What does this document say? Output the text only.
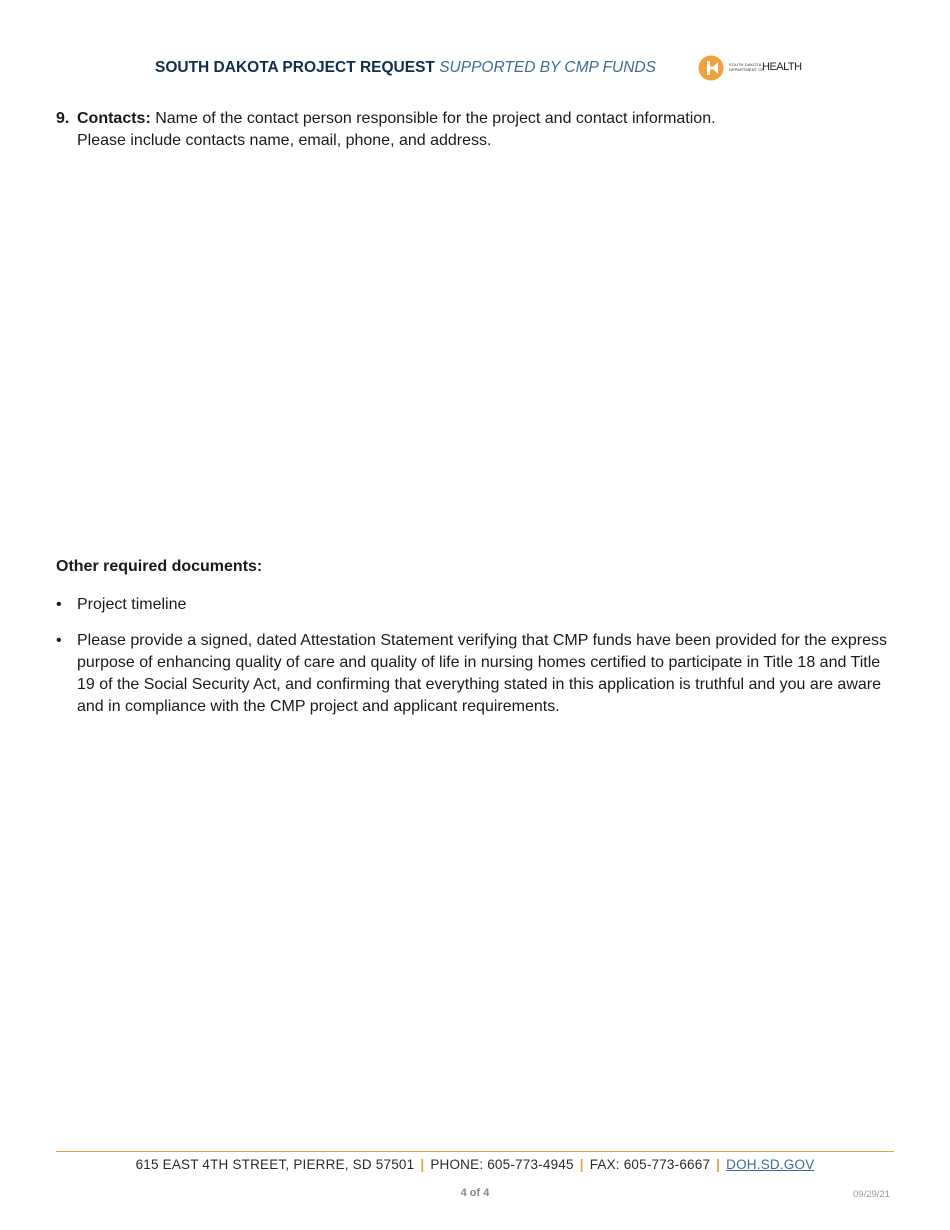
SOUTH DAKOTA PROJECT REQUEST SUPPORTED BY CMP FUNDS	SOUTH DAKOTA
DEPARTMENT OF
HEALTH
9. Contacts: Name of the contact person responsible for the project and contact information.
Please include contacts name, email, phone, and address.
Other required documents:
• Project timeline
• Please provide a signed, dated Attestation Statement verifying that CMP funds have been provided for the express purpose of enhancing quality of care and quality of life in nursing homes certified to participate in Title 18 and Title 19 of the Social Security Act, and confirming that everything stated in this application is truthful and you are aware and in compliance with the CMP project and applicant requirements.
615 EAST 4TH STREET, PIERRE, SD 57501 | PHONE: 605-773-4945 | FAX: 605-773-6667 | DOH.SD.GOV
4 of 4	09/29/21
